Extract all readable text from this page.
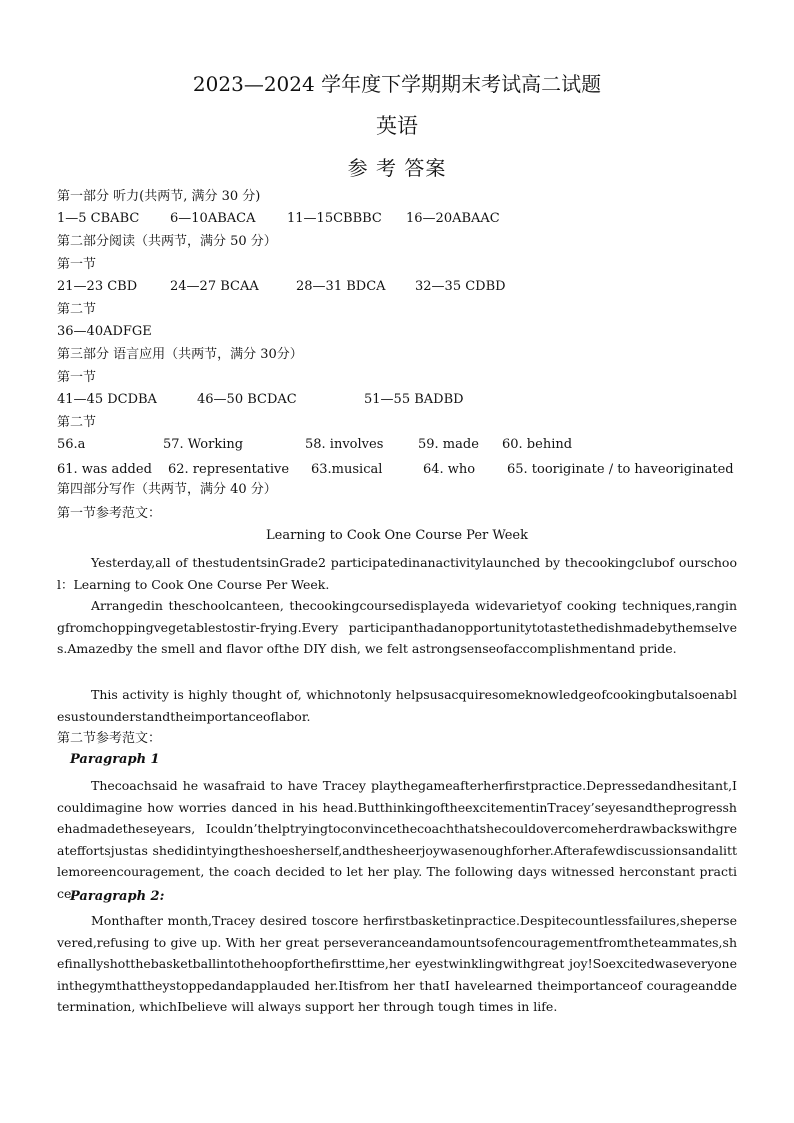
2023—2024 学年度下学期期末考试高二试题
英语
参 考 答案
第一部分 听力(共两节, 满分 30 分)
1—5 CBABC 6—10ABACA 11—15CBBBC 16—20ABAAC
第二部分阅读（共两节，满分 50 分）
第一节
21—23 CBD	24—27 BCAA	28—31 BDCA 32—35 CDBD
第二节
36—40ADFGE
第三部分 语言应用（共两节，满分 30分）
第一节
41—45 DCDBA	46—50 BCDAC	51—55 BADBD
第二节
56.a	57. Working	58. involves	59. made 60. behind
61. was added 62. representative 63.musical	64. who 65. tooriginate / to haveoriginated
第四部分写作（共两节，满分 40 分）
第一节参考范文：
Learning to Cook One Course Per Week
Yesterday,all of thestudentsinGrade2 participatedinanactivitylaunched by thecookingclubof ourschool：Learning to Cook One Course Per Week.
Arrangedin theschoolcanteen, thecookingcoursedisplayeda widevarietyof cooking techniques,rangingfromchoppingvegetablestostir-frying.Every participanthadanopportunitytotastethedishmadebythemselves.Amazedby the smell and flavor ofthe DIY dish, we felt astrongsenseofaccomplishmentand pride.
This activity is highly thought of, whichnotonly helpsusacquiresomeknowledgeofcookingbutalsoenablesustounderstandtheimportanceoflabor.
第二节参考范文：
Paragraph 1
Thecoachsaid he wasafraid to have Tracey playthegameafterherfirstpractice.Depressedandhesitant,Icouldimagine how worries danced in his head.ButthinkingoftheexcitementinTracey’seyesandtheprogresshehadmadetheseyears, Icouldn’thelptryingtoconvincethecoachthatshecouldovercomeherdrawbackswithgreateffortsjustas shedidintyingtheshoesherself,andthesheerjoywasenoughforher.Afterafewdiscussionsandalittlemoreencouragement, the coach decided to let her play. The following days witnessed herconstant practice.
Paragraph 2:
Monthafter month,Tracey desired toscore herfirstbasketinpractice.Despitecountlessfailures,shepersevered,refusing to give up. With her great perseveranceandamountsofencouragementfromtheteammates,shefinallyshotthebasketballintothehoopforthefirsttime,her eyestwinklingwithgreat joy!Soexcitedwaseveryoneinthegymthattheystoppedandapplauded her.Itisfrom her thatI havelearned theimportanceof courageanddetermination, whichIbelieve will always support her through tough times in life.
